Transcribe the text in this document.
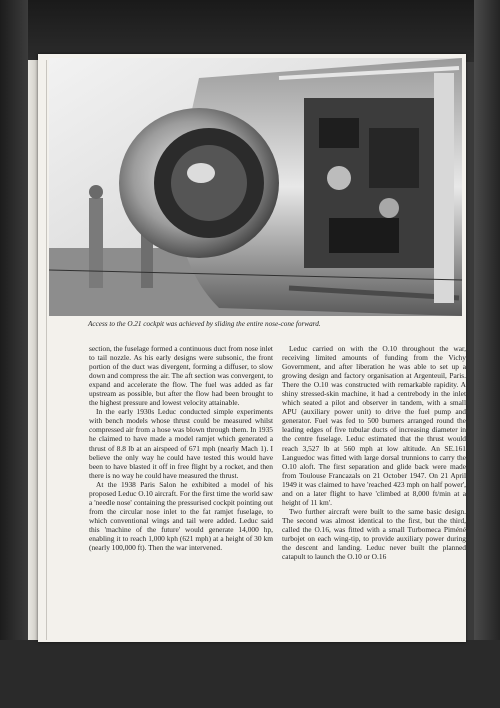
Access to the O.21 cockpit was achieved by sliding the entire nose-cone forward.

section, the fuselage formed a continuous duct from nose inlet to tail nozzle. As his early designs were subsonic, the front portion of the duct was divergent, forming a diffuser, to slow down and compress the air. The aft section was convergent, to expand and accelerate the flow. The fuel was added as far upstream as possible, but after the flow had been brought to the highest pressure and lowest velocity attainable.

In the early 1930s Leduc conducted simple experiments with bench models whose thrust could be measured whilst compressed air from a hose was blown through them. In 1935 he claimed to have made a model ramjet which generated a thrust of 8.8 lb at an airspeed of 671 mph (nearly Mach 1). I believe the only way he could have tested this would have been to have blasted it off in free flight by a rocket, and then there is no way he could have measured the thrust.

At the 1938 Paris Salon he exhibited a model of his proposed Leduc O.10 aircraft. For the first time the world saw a 'needle nose' containing the pressurised cockpit pointing out from the circular nose inlet to the fat ramjet fuselage, to which conventional wings and tail were added. Leduc said this 'machine of the future' would generate 14,000 hp, enabling it to reach 1,000 kph (621 mph) at a height of 30 km (nearly 100,000 ft). Then the war intervened.

Leduc carried on with the O.10 throughout the war, receiving limited amounts of funding from the Vichy Government, and after liberation he was able to set up a growing design and factory organisation at Argenteuil, Paris. There the O.10 was constructed with remarkable rapidity. A shiny stressed-skin machine, it had a centrebody in the inlet which seated a pilot and observer in tandem, with a small APU (auxiliary power unit) to drive the fuel pump and generator. Fuel was fed to 500 burners arranged round the leading edges of five tubular ducts of increasing diameter in the centre fuselage. Leduc estimated that the thrust would reach 3,527 lb at 560 mph at low altitude. An SE.161 Languedoc was fitted with large dorsal trunnions to carry the O.10 aloft. The first separation and glide back were made from Toulouse Francazals on 21 October 1947. On 21 April 1949 it was claimed to have 'reached 423 mph on half power', and on a later flight to have 'climbed at 8,000 ft/min at a height of 11 km'.

Two further aircraft were built to the same basic design. The second was almost identical to the first, but the third, called the O.16, was fitted with a small Turbomeca Piméné turbojet on each wing-tip, to provide auxiliary power during the descent and landing. Leduc never built the planned catapult to launch the O.10 or O.16
